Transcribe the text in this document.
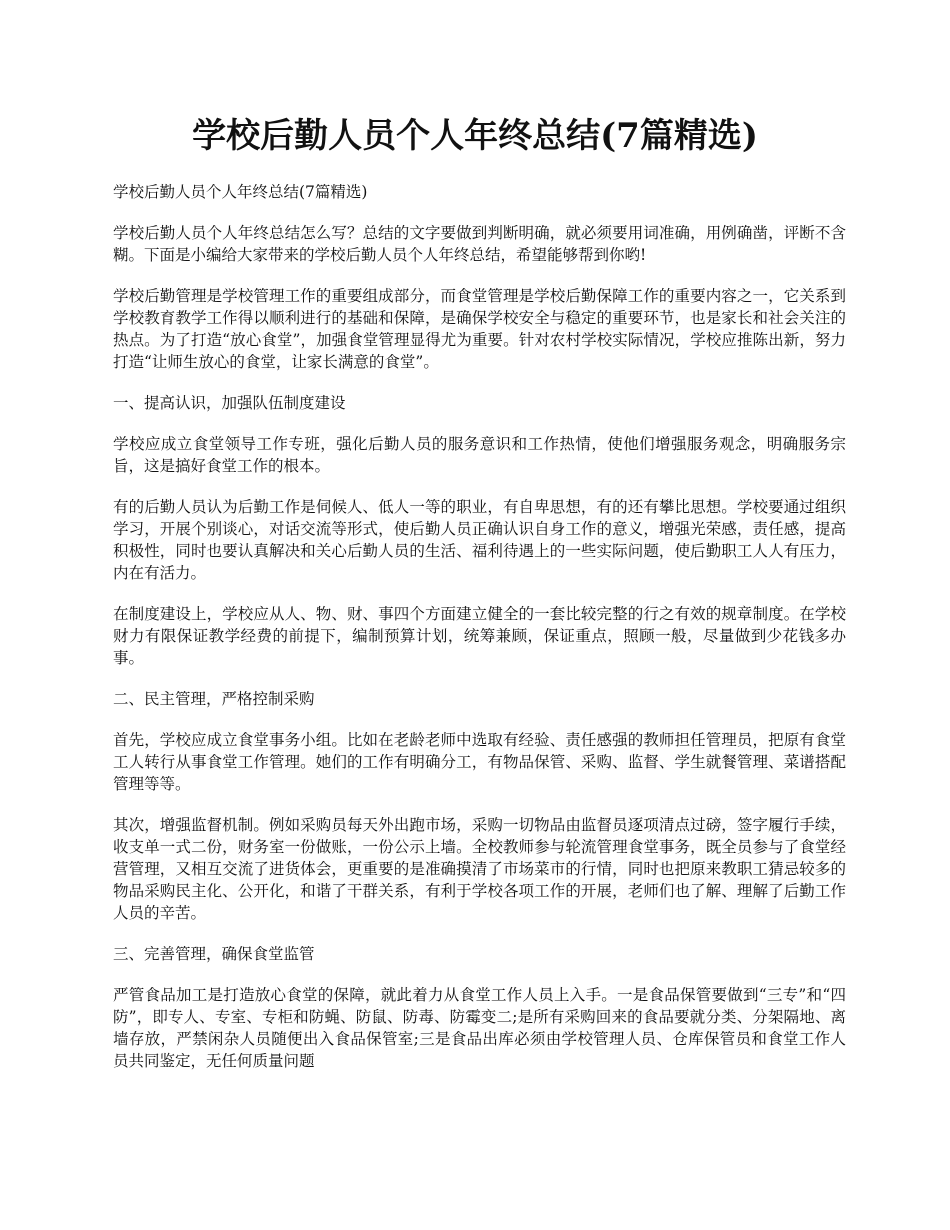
学校后勤人员个人年终总结(7篇精选)

学校后勤人员个人年终总结(7篇精选)

学校后勤人员个人年终总结怎么写？总结的文字要做到判断明确，就必须要用词准确，用例确凿，评断不含糊。下面是小编给大家带来的学校后勤人员个人年终总结，希望能够帮到你哟!

学校后勤管理是学校管理工作的重要组成部分，而食堂管理是学校后勤保障工作的重要内容之一，它关系到学校教育教学工作得以顺利进行的基础和保障，是确保学校安全与稳定的重要环节，也是家长和社会关注的热点。为了打造“放心食堂”，加强食堂管理显得尤为重要。针对农村学校实际情况，学校应推陈出新，努力打造“让师生放心的食堂，让家长满意的食堂”。

一、提高认识，加强队伍制度建设

学校应成立食堂领导工作专班，强化后勤人员的服务意识和工作热情，使他们增强服务观念，明确服务宗旨，这是搞好食堂工作的根本。

有的后勤人员认为后勤工作是伺候人、低人一等的职业，有自卑思想，有的还有攀比思想。学校要通过组织学习，开展个别谈心，对话交流等形式，使后勤人员正确认识自身工作的意义，增强光荣感，责任感，提高积极性，同时也要认真解决和关心后勤人员的生活、福利待遇上的一些实际问题，使后勤职工人人有压力，内在有活力。

在制度建设上，学校应从人、物、财、事四个方面建立健全的一套比较完整的行之有效的规章制度。在学校财力有限保证教学经费的前提下，编制预算计划，统筹兼顾，保证重点，照顾一般，尽量做到少花钱多办事。

二、民主管理，严格控制采购

首先，学校应成立食堂事务小组。比如在老龄老师中选取有经验、责任感强的教师担任管理员，把原有食堂工人转行从事食堂工作管理。她们的工作有明确分工，有物品保管、采购、监督、学生就餐管理、菜谱搭配管理等等。

其次，增强监督机制。例如采购员每天外出跑市场，采购一切物品由监督员逐项清点过磅，签字履行手续，收支单一式二份，财务室一份做账，一份公示上墙。全校教师参与轮流管理食堂事务，既全员参与了食堂经营管理，又相互交流了进货体会，更重要的是准确摸清了市场菜市的行情，同时也把原来教职工猜忌较多的物品采购民主化、公开化，和谐了干群关系，有利于学校各项工作的开展，老师们也了解、理解了后勤工作人员的辛苦。

三、完善管理，确保食堂监管

严管食品加工是打造放心食堂的保障，就此着力从食堂工作人员上入手。一是食品保管要做到“三专”和“四防”，即专人、专室、专柜和防蝇、防鼠、防毒、防霉变二;是所有采购回来的食品要就分类、分架隔地、离墙存放，严禁闲杂人员随便出入食品保管室;三是食品出库必须由学校管理人员、仓库保管员和食堂工作人员共同鉴定，无任何质量问题
